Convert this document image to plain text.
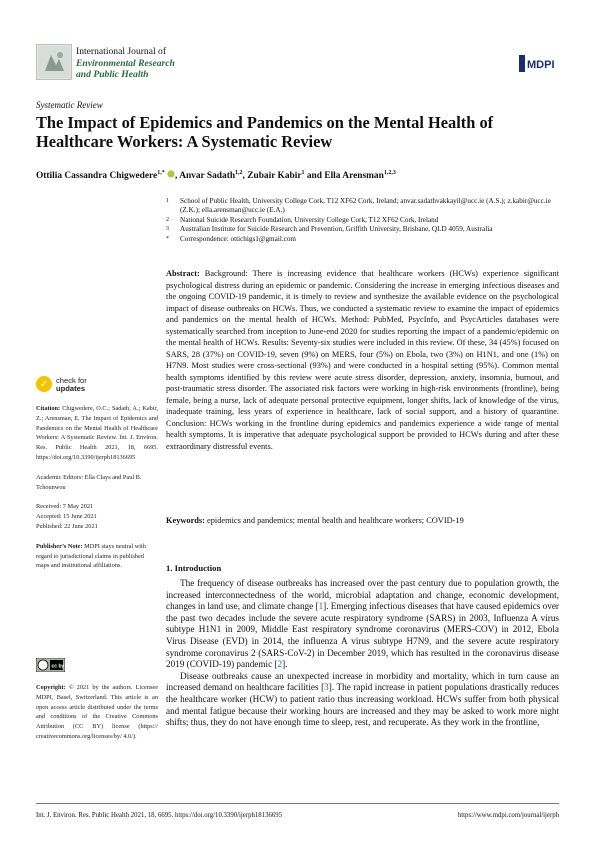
International Journal of
Environmental Research
and Public Health
MDPI
Systematic Review
The Impact of Epidemics and Pandemics on the Mental Health of Healthcare Workers: A Systematic Review
Ottilia Cassandra Chigwedere$^{1,*}$ , Anvar Sadath$^{1,2}$, Zubair Kabir$^1$ and Ella Arensman$^{1,2,3}$
1	School of Public Health, University College Cork, T12 XF62 Cork, Ireland; anvar.sadathvakkayil@ucc.ie (A.S.); z.kabir@ucc.ie (Z.K.); ella.arensman@ucc.ie (E.A.)
2	National Suicide Research Foundation, University College Cork, T12 XF62 Cork, Ireland
3	Australian Institute for Suicide Research and Prevention, Griffith University, Brisbane, QLD 4059, Australia
*	Correspondence: ottichigs1@gmail.com
Abstract: Background: There is increasing evidence that healthcare workers (HCWs) experience significant psychological distress during an epidemic or pandemic. Considering the increase in emerging infectious diseases and the ongoing COVID-19 pandemic, it is timely to review and synthesize the available evidence on the psychological impact of disease outbreaks on HCWs. Thus, we conducted a systematic review to examine the impact of epidemics and pandemics on the mental health of HCWs. Method: PubMed, PsycInfo, and PsycArticles databases were systematically searched from inception to June-end 2020 for studies reporting the impact of a pandemic/epidemic on the mental health of HCWs. Results: Seventy-six studies were included in this review. Of these, 34 (45%) focused on SARS, 28 (37%) on COVID-19, seven (9%) on MERS, four (5%) on Ebola, two (3%) on H1N1, and one (1%) on H7N9. Most studies were cross-sectional (93%) and were conducted in a hospital setting (95%). Common mental health symptoms identified by this review were acute stress disorder, depression, anxiety, insomnia, burnout, and post-traumatic stress disorder. The associated risk factors were working in high-risk environments (frontline), being female, being a nurse, lack of adequate personal protective equipment, longer shifts, lack of knowledge of the virus, inadequate training, less years of experience in healthcare, lack of social support, and a history of quarantine. Conclusion: HCWs working in the frontline during epidemics and pandemics experience a wide range of mental health symptoms. It is imperative that adequate psychological support be provided to HCWs during and after these extraordinary distressful events.
Keywords: epidemics and pandemics; mental health and healthcare workers; COVID-19
✓	check for
updates

Citation: Chigwedere, O.C.; Sadath, A.; Kabir, Z.; Arensman, E. The Impact of Epidemics and Pandemics on the Mental Health of Healthcare Workers: A Systematic Review. Int. J. Environ. Res. Public Health 2021, 18, 6695. https://doi.org/10.3390/ijerph18136695

Academic Editors: Ella Clays and Paul B. Tchounwou

Received: 7 May 2021

Accepted: 15 June 2021

Published: 22 June 2021

Publisher’s Note: MDPI stays neutral with regard to jurisdictional claims in published maps and institutional affiliations.

cc by
Copyright: © 2021 by the authors. Licensee MDPI, Basel, Switzerland. This article is an open access article distributed under the terms and conditions of the Creative Commons Attribution (CC BY) license (https:// creativecommons.org/licenses/by/ 4.0/).
1. Introduction

The frequency of disease outbreaks has increased over the past century due to population growth, the increased interconnectedness of the world, microbial adaptation and change, economic development, changes in land use, and climate change [1]. Emerging infectious diseases that have caused epidemics over the past two decades include the severe acute respiratory syndrome (SARS) in 2003, Influenza A virus subtype H1N1 in 2009, Middle East respiratory syndrome coronavirus (MERS-COV) in 2012, Ebola Virus Disease (EVD) in 2014, the influenza A virus subtype H7N9, and the severe acute respiratory syndrome coronavirus 2 (SARS-CoV-2) in December 2019, which has resulted in the coronavirus disease 2019 (COVID-19) pandemic [2].

Disease outbreaks cause an unexpected increase in morbidity and mortality, which in turn cause an increased demand on healthcare facilities [3]. The rapid increase in patient populations drastically reduces the healthcare worker (HCW) to patient ratio thus increasing workload. HCWs suffer from both physical and mental fatigue because their working hours are increased and they may be asked to work more night shifts; thus, they do not have enough time to sleep, rest, and recuperate. As they work in the frontline,

Int. J. Environ. Res. Public Health 2021, 18, 6695. https://doi.org/10.3390/ijerph18136695	https://www.mdpi.com/journal/ijerph
